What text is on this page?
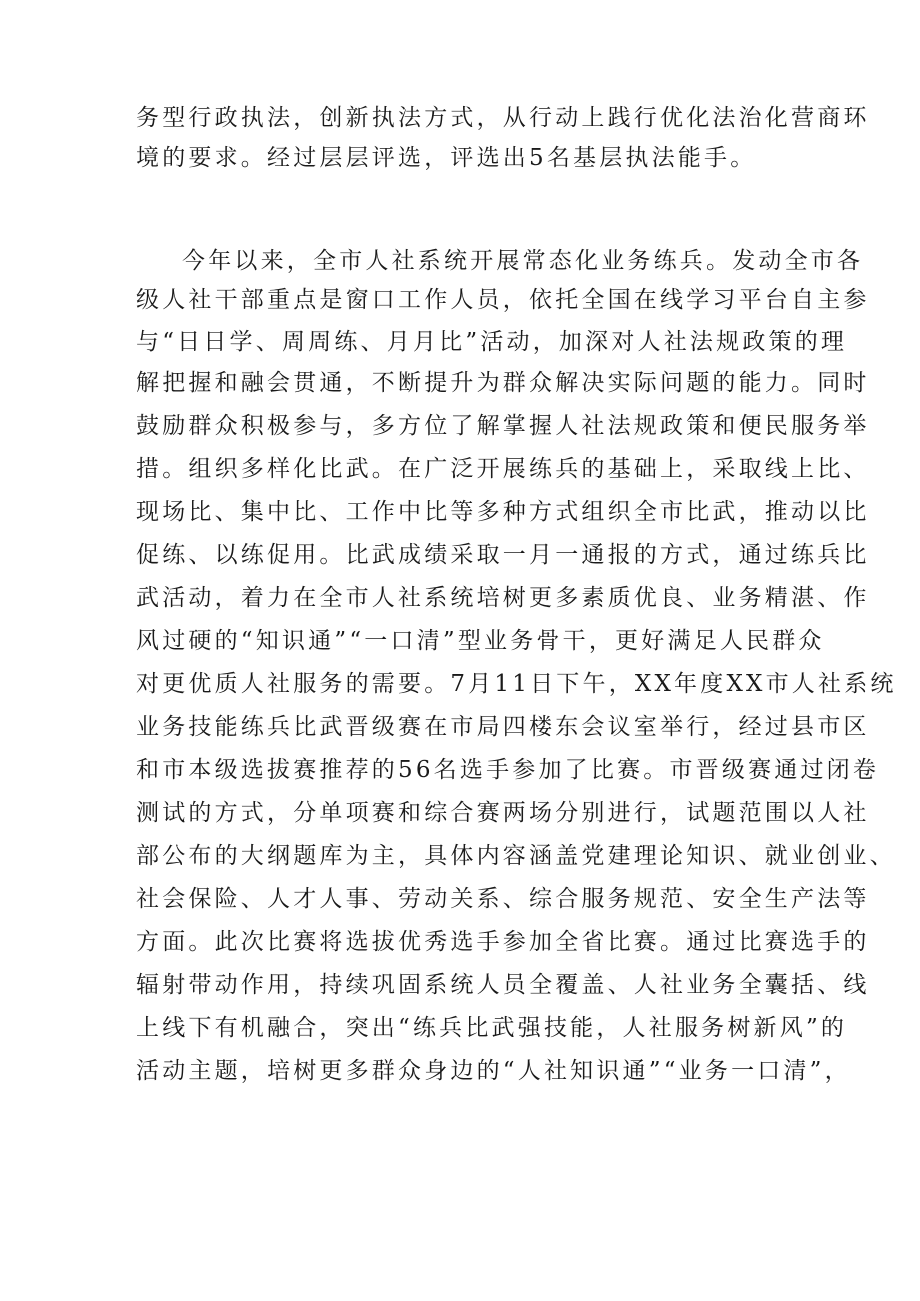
务型行政执法，创新执法方式，从行动上践行优化法治化营商环

境的要求。经过层层评选，评选出5名基层执法能手。

今年以来，全市人社系统开展常态化业务练兵。发动全市各

级人社干部重点是窗口工作人员，依托全国在线学习平台自主参

与“日日学、周周练、月月比”活动，加深对人社法规政策的理

解把握和融会贯通，不断提升为群众解决实际问题的能力。同时

鼓励群众积极参与，多方位了解掌握人社法规政策和便民服务举

措。组织多样化比武。在广泛开展练兵的基础上，采取线上比、

现场比、集中比、工作中比等多种方式组织全市比武，推动以比

促练、以练促用。比武成绩采取一月一通报的方式，通过练兵比

武活动，着力在全市人社系统培树更多素质优良、业务精湛、作

风过硬的“知识通”“一口清”型业务骨干，更好满足人民群众

对更优质人社服务的需要。7月11日下午，XX年度XX市人社系统

业务技能练兵比武晋级赛在市局四楼东会议室举行，经过县市区

和市本级选拔赛推荐的56名选手参加了比赛。市晋级赛通过闭卷

测试的方式，分单项赛和综合赛两场分别进行，试题范围以人社

部公布的大纲题库为主，具体内容涵盖党建理论知识、就业创业、

社会保险、人才人事、劳动关系、综合服务规范、安全生产法等

方面。此次比赛将选拔优秀选手参加全省比赛。通过比赛选手的

辐射带动作用，持续巩固系统人员全覆盖、人社业务全囊括、线

上线下有机融合，突出“练兵比武强技能，人社服务树新风”的

活动主题，培树更多群众身边的“人社知识通”“业务一口清”，
